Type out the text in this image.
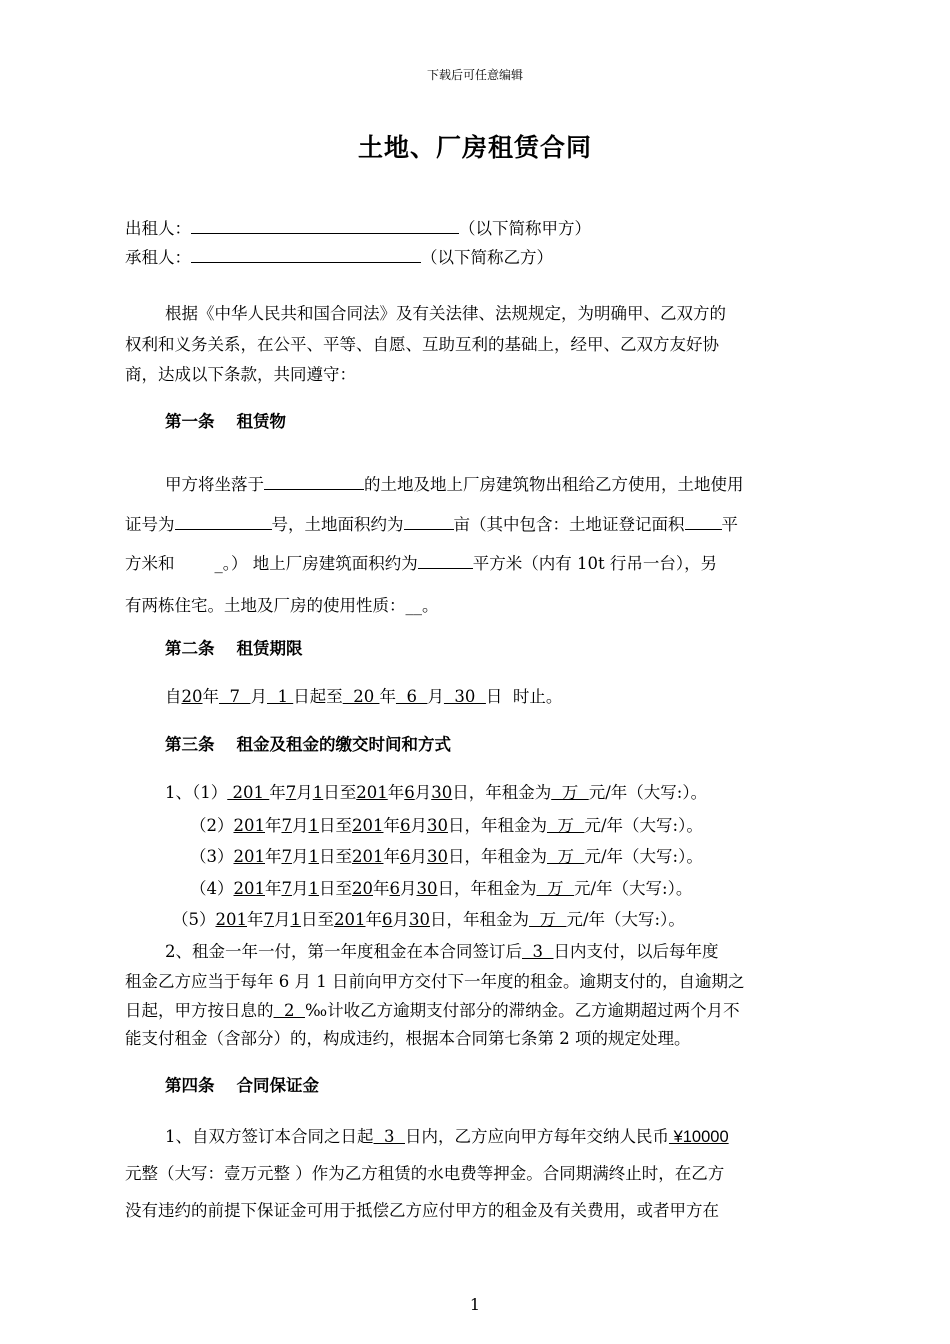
下载后可任意编辑
土地、厂房租赁合同
出租人：	（以下简称甲方）
承租人：	（以下简称乙方）
根据《中华人民共和国合同法》及有关法律、法规规定，为明确甲、乙双方的
权利和义务关系，在公平、平等、自愿、互助互利的基础上，经甲、乙双方友好协
商，达成以下条款，共同遵守：
第一条 租赁物
甲方将坐落于	的土地及地上厂房建筑物出租给乙方使用，土地使用
证号为	号，土地面积约为	亩（其中包含：土地证登记面积 平
方米和 _。） 地上厂房建筑面积约为	平方米（内有 10t 行吊一台），另
有两栋住宅。土地及厂房的使用性质：__。
第二条 租赁期限
自20年  7  月  1 日起至  20 年  6  月  30  日  时止。
第三条 租金及租金的缴交时间和方式
1、（1） 201 年7月1日至201年6月30日，年租金为  万  元/年（大写:）。
（2）201年7月1日至201年6月30日，年租金为  万  元/年（大写:）。
（3）201年7月1日至201年6月30日，年租金为  万  元/年（大写:）。
（4）201年7月1日至20年6月30日，年租金为  万  元/年（大写:）。
（5）201年7月1日至201年6月30日，年租金为  万  元/年（大写:）。
2、租金一年一付，第一年度租金在本合同签订后  3  日内支付，以后每年度
租金乙方应当于每年 6 月 1 日前向甲方交付下一年度的租金。逾期支付的，自逾期之
日起，甲方按日息的  2  ‰计收乙方逾期支付部分的滞纳金。乙方逾期超过两个月不
能支付租金（含部分）的，构成违约，根据本合同第七条第 2 项的规定处理。
第四条 合同保证金
1、自双方签订本合同之日起  3  日内，乙方应向甲方每年交纳人民币 ¥10000
元整（大写：壹万元整 ）作为乙方租赁的水电费等押金。合同期满终止时，在乙方
没有违约的前提下保证金可用于抵偿乙方应付甲方的租金及有关费用，或者甲方在
1
